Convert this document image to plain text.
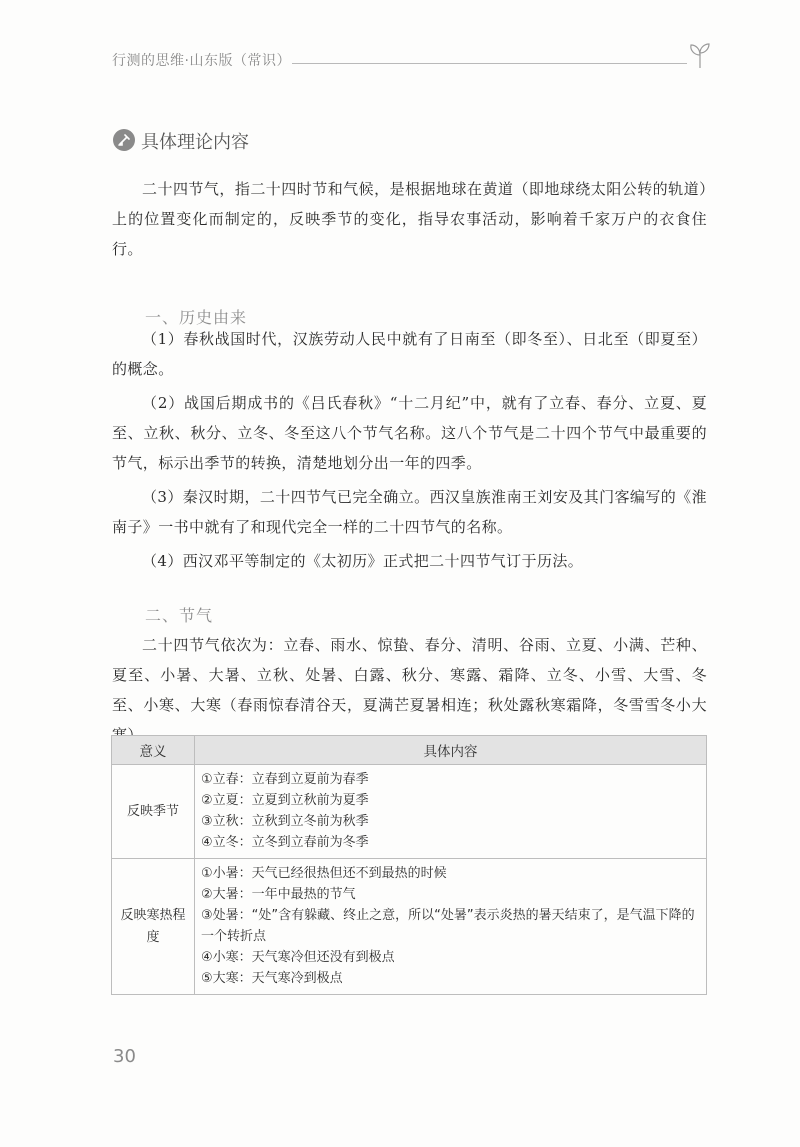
行测的思维·山东版（常识）
具体理论内容

二十四节气，指二十四时节和气候，是根据地球在黄道（即地球绕太阳公转的轨道）上的位置变化而制定的，反映季节的变化，指导农事活动，影响着千家万户的衣食住行。

一、历史由来

（1）春秋战国时代，汉族劳动人民中就有了日南至（即冬至）、日北至（即夏至）的概念。

（2）战国后期成书的《吕氏春秋》“十二月纪”中，就有了立春、春分、立夏、夏至、立秋、秋分、立冬、冬至这八个节气名称。这八个节气是二十四个节气中最重要的节气，标示出季节的转换，清楚地划分出一年的四季。

（3）秦汉时期，二十四节气已完全确立。西汉皇族淮南王刘安及其门客编写的《淮南子》一书中就有了和现代完全一样的二十四节气的名称。

（4）西汉邓平等制定的《太初历》正式把二十四节气订于历法。

二、节气

二十四节气依次为：立春、雨水、惊蛰、春分、清明、谷雨、立夏、小满、芒种、夏至、小暑、大暑、立秋、处暑、白露、秋分、寒露、霜降、立冬、小雪、大雪、冬至、小寒、大寒（春雨惊春清谷天，夏满芒夏暑相连；秋处露秋寒霜降，冬雪雪冬小大

意义	具体内容
反映季节	①立春：立春到立夏前为春季
②立夏：立夏到立秋前为夏季
③立秋：立秋到立冬前为秋季
④立冬：立冬到立春前为冬季

反映寒热程度	①小暑：天气已经很热但还不到最热的时候
②大暑：一年中最热的节气
③处暑：“处”含有躲藏、终止之意，所以“处暑”表示炎热的暑天结束了，是气温下降的一个转折点
④小寒：天气寒冷但还没有到极点
⑤大寒：天气寒冷到极点
30
